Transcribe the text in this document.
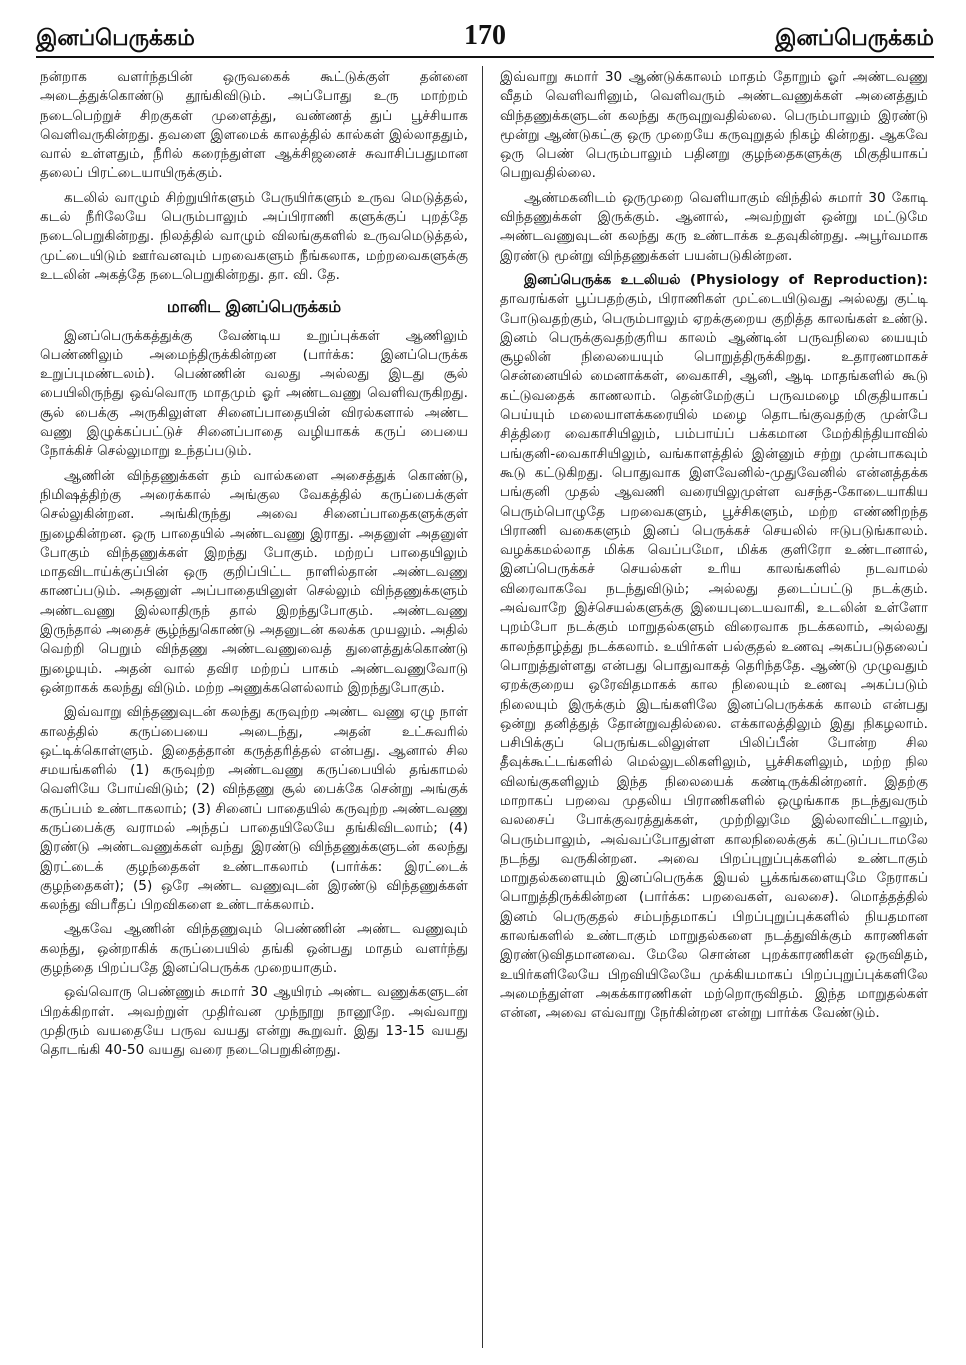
இனப்பெருக்கம்	170	இனப்பெருக்கம்

நன்றாக வளர்ந்தபின் ஒருவகைக் கூட்டுக்குள் தன்னை அடைத்துக்கொண்டு தூங்கிவிடும். அப்போது உரு மாற்றம் நடைபெற்றுச் சிறகுகள் முளைத்து, வண்ணத் துப் பூச்சியாக வெளிவருகின்றது. தவளை இளமைக் காலத்தில் கால்கள் இல்லாததும், வால் உள்ளதும், நீரில் கரைந்துள்ள ஆக்சிஜனைச் சுவாசிப்பதுமான தலைப் பிரட்டையாயிருக்கும்.

கடலில் வாழும் சிற்றுயிர்களும் பேருயிர்களும் உருவ மெடுத்தல், கடல் நீரிலேயே பெரும்பாலும் அப்பிராணி களுக்குப் புறத்தே நடைபெறுகின்றது. நிலத்தில் வாழும் விலங்குகளில் உருவமெடுத்தல், முட்டையிடும் ஊர்வனவும் பறவைகளும் நீங்கலாக, மற்றவைகளுக்கு உடலின் அகத்தே நடைபெறுகின்றது. தா. வி. தே.

மானிட இனப்பெருக்கம்

இனப்பெருக்கத்துக்கு வேண்டிய உறுப்புக்கள் ஆணிலும் பெண்ணிலும் அமைந்திருக்கின்றன (பார்க்க: இனப்பெருக்க உறுப்புமண்டலம்). பெண்ணின் வலது அல்லது இடது சூல் பையிலிருந்து ஒவ்வொரு மாதமும் ஓர் அண்டவணு வெளிவருகிறது. சூல் பைக்கு அருகிலுள்ள சினைப்பாதையின் விரல்களால் அண்ட வணு இழுக்கப்பட்டுச் சினைப்பாதை வழியாகக் கருப் பையை நோக்கிச் செல்லுமாறு உந்தப்படும்.

ஆணின் விந்தணுக்கள் தம் வால்களை அசைத்துக் கொண்டு, நிமிஷத்திற்கு அரைக்கால் அங்குல வேகத்தில் கருப்பைக்குள் செல்லுகின்றன. அங்கிருந்து அவை சினைப்பாதைகளுக்குள் நுழைகின்றன. ஒரு பாதையில் அண்டவணு இராது. அதனுள் அதனுள் போகும் விந்தணுக்கள் இறந்து போகும். மற்றப் பாதையிலும் மாதவிடாய்க்குப்பின் ஒரு குறிப்பிட்ட நாளில்தான் அண்டவணு காணப்படும். அதனுள் அப்பாதையினுள் செல்லும் விந்தணுக்களும் அண்டவணு இல்லாதிருந் தால் இறந்துபோகும். அண்டவணு இருந்தால் அதைச் சூழ்ந்துகொண்டு அதனுடன் கலக்க முயலும். அதில் வெற்றி பெறும் விந்தணு அண்டவணுவைத் துளைத்துக்கொண்டு நுழையும். அதன் வால் தவிர மற்றப் பாகம் அண்டவணுவோடு ஒன்றாகக் கலந்து விடும். மற்ற அணுக்களெல்லாம் இறந்துபோகும்.

இவ்வாறு விந்தணுவுடன் கலந்து கருவுற்ற அண்ட வணு ஏழு நாள் காலத்தில் கருப்பையை அடைந்து, அதன் உட்சுவரில் ஒட்டிக்கொள்ளும். இதைத்தான் கருத்தரித்தல் என்பது. ஆனால் சில சமயங்களில் (1) கருவுற்ற அண்டவணு கருப்பையில் தங்காமல் வெளியே போய்விடும்; (2) விந்தணு சூல் பைக்கே சென்று அங்குக் கருப்பம் உண்டாகலாம்; (3) சினைப் பாதையில் கருவுற்ற அண்டவணு கருப்பைக்கு வராமல் அந்தப் பாதையிலேயே தங்கிவிடலாம்; (4) இரண்டு அண்டவணுக்கள் வந்து இரண்டு விந்தணுக்களுடன் கலந்து இரட்டைக் குழந்தைகள் உண்டாகலாம் (பார்க்க: இரட்டைக் குழந்தைகள்); (5) ஒரே அண்ட வணுவுடன் இரண்டு விந்தணுக்கள் கலந்து விபரீதப் பிறவிகளை உண்டாக்கலாம்.

ஆகவே ஆணின் விந்தணுவும் பெண்ணின் அண்ட வணுவும் கலந்து, ஒன்றாகிக் கருப்பையில் தங்கி ஒன்பது மாதம் வளர்ந்து குழந்தை பிறப்பதே இனப்பெருக்க முறையாகும்.

ஒவ்வொரு பெண்ணும் சுமார் 30 ஆயிரம் அண்ட வணுக்களுடன் பிறக்கிறாள். அவற்றுள் முதிர்வன முந்நூறு நானூறே. அவ்வாறு முதிரும் வயதையே பருவ வயது என்று கூறுவர். இது 13-15 வயது தொடங்கி 40-50 வயது வரை நடைபெறுகின்றது.

இவ்வாறு சுமார் 30 ஆண்டுக்காலம் மாதம் தோறும் ஓர் அண்டவணு வீதம் வெளிவரினும், வெளிவரும் அண்டவணுக்கள் அனைத்தும் விந்தணுக்களுடன் கலந்து கருவுறுவதில்லை. பெரும்பாலும் இரண்டு மூன்று ஆண்டுகட்கு ஒரு முறையே கருவுறுதல் நிகழ் கின்றது. ஆகவே ஒரு பெண் பெரும்பாலும் பதினறு குழந்தைகளுக்கு மிகுதியாகப் பெறுவதில்லை.

ஆண்மகனிடம் ஒருமுறை வெளியாகும் விந்தில் சுமார் 30 கோடி விந்தணுக்கள் இருக்கும். ஆனால், அவற்றுள் ஒன்று மட்டுமே அண்டவணுவுடன் கலந்து கரு உண்டாக்க உதவுகின்றது. அபூர்வமாக இரண்டு மூன்று விந்தணுக்கள் பயன்படுகின்றன.

இனப்பெருக்க உடலியல் (Physiology of Reproduction): தாவரங்கள் பூப்பதற்கும், பிராணிகள் முட்டையிடுவது அல்லது குட்டி போடுவதற்கும், பெரும்பாலும் ஏறக்குறைய குறித்த காலங்கள் உண்டு. இனம் பெருக்குவதற்குரிய காலம் ஆண்டின் பருவநிலை யையும் சூழலின் நிலையையும் பொறுத்திருக்கிறது. உதாரணமாகச் சென்னையில் மைனாக்கள், வைகாசி, ஆனி, ஆடி மாதங்களில் கூடு கட்டுவதைக் காணலாம். தென்மேற்குப் பருவமழை மிகுதியாகப் பெய்யும் மலையாளக்கரையில் மழை தொடங்குவதற்கு முன்பே சித்திரை வைகாசியிலும், பம்பாய்ப் பக்கமான மேற்கிந்தியாவில் பங்குனி-வைகாசியிலும், வங்காளத்தில் இன்னும் சற்று முன்பாகவும் கூடு கட்டுகிறது. பொதுவாக இளவேனில்-முதுவேனில் என்னத்தக்க பங்குனி முதல் ஆவணி வரையிலுமுள்ள வசந்த-கோடையாகிய பெரும்பொழுதே பறவைகளும், பூச்சிகளும், மற்ற எண்ணிறந்த பிராணி வகைகளும் இனப் பெருக்கச் செயலில் ஈடுபடுங்காலம். வழக்கமல்லாத மிக்க வெப்பமோ, மிக்க குளிரோ உண்டானால், இனப்பெருக்கச் செயல்கள் உரிய காலங்களில் நடவாமல் விரைவாகவே நடந்துவிடும்; அல்லது தடைப்பட்டு நடக்கும். அவ்வாறே இச்செயல்களுக்கு இயைபுடையவாகி, உடலின் உள்ளோ புறம்போ நடக்கும் மாறுதல்களும் விரைவாக நடக்கலாம், அல்லது காலந்தாழ்த்து நடக்கலாம். உயிர்கள் பல்குதல் உணவு அகப்படுதலைப் பொறுத்துள்ளது என்பது பொதுவாகத் தெரிந்ததே. ஆண்டு முழுவதும் ஏறக்குறைய ஒரேவிதமாகக் கால நிலையும் உணவு அகப்படும் நிலையும் இருக்கும் இடங்களிலே இனப்பெருக்கக் காலம் என்பது ஒன்று தனித்துத் தோன்றுவதில்லை. எக்காலத்திலும் இது நிகழலாம். பசிபிக்குப் பெருங்கடலிலுள்ள பிலிப்பீன் போன்ற சில தீவுக்கூட்டங்களில் மெல்லுடலிகளிலும், பூச்சிகளிலும், மற்ற நில விலங்குகளிலும் இந்த நிலையைக் கண்டிருக்கின்றனர். இதற்கு மாறாகப் பறவை முதலிய பிராணிகளில் ஒழுங்காக நடந்துவரும் வலசைப் போக்குவரத்துக்கள், முற்றிலுமே இல்லாவிட்டாலும், பெரும்பாலும், அவ்வப்போதுள்ள காலநிலைக்குக் கட்டுப்படாமலே நடந்து வருகின்றன. அவை பிறப்புறுப்புக்களில் உண்டாகும் மாறுதல்களையும் இனப்பெருக்க இயல் பூக்கங்களையுமே நேராகப் பொறுத்திருக்கின்றன (பார்க்க: பறவைகள், வலசை). மொத்தத்தில் இனம் பெருகுதல் சம்பந்தமாகப் பிறப்புறுப்புக்களில் நியதமான காலங்களில் உண்டாகும் மாறுதல்களை நடத்துவிக்கும் காரணிகள் இரண்டுவிதமானவை. மேலே சொன்ன புறக்காரணிகள் ஒருவிதம், உயிர்களிலேயே பிறவியிலேயே முக்கியமாகப் பிறப்புறுப்புக்களிலே அமைந்துள்ள அகக்காரணிகள் மற்றொருவிதம். இந்த மாறுதல்கள் என்ன, அவை எவ்வாறு நேர்கின்றன என்று பார்க்க வேண்டும்.
